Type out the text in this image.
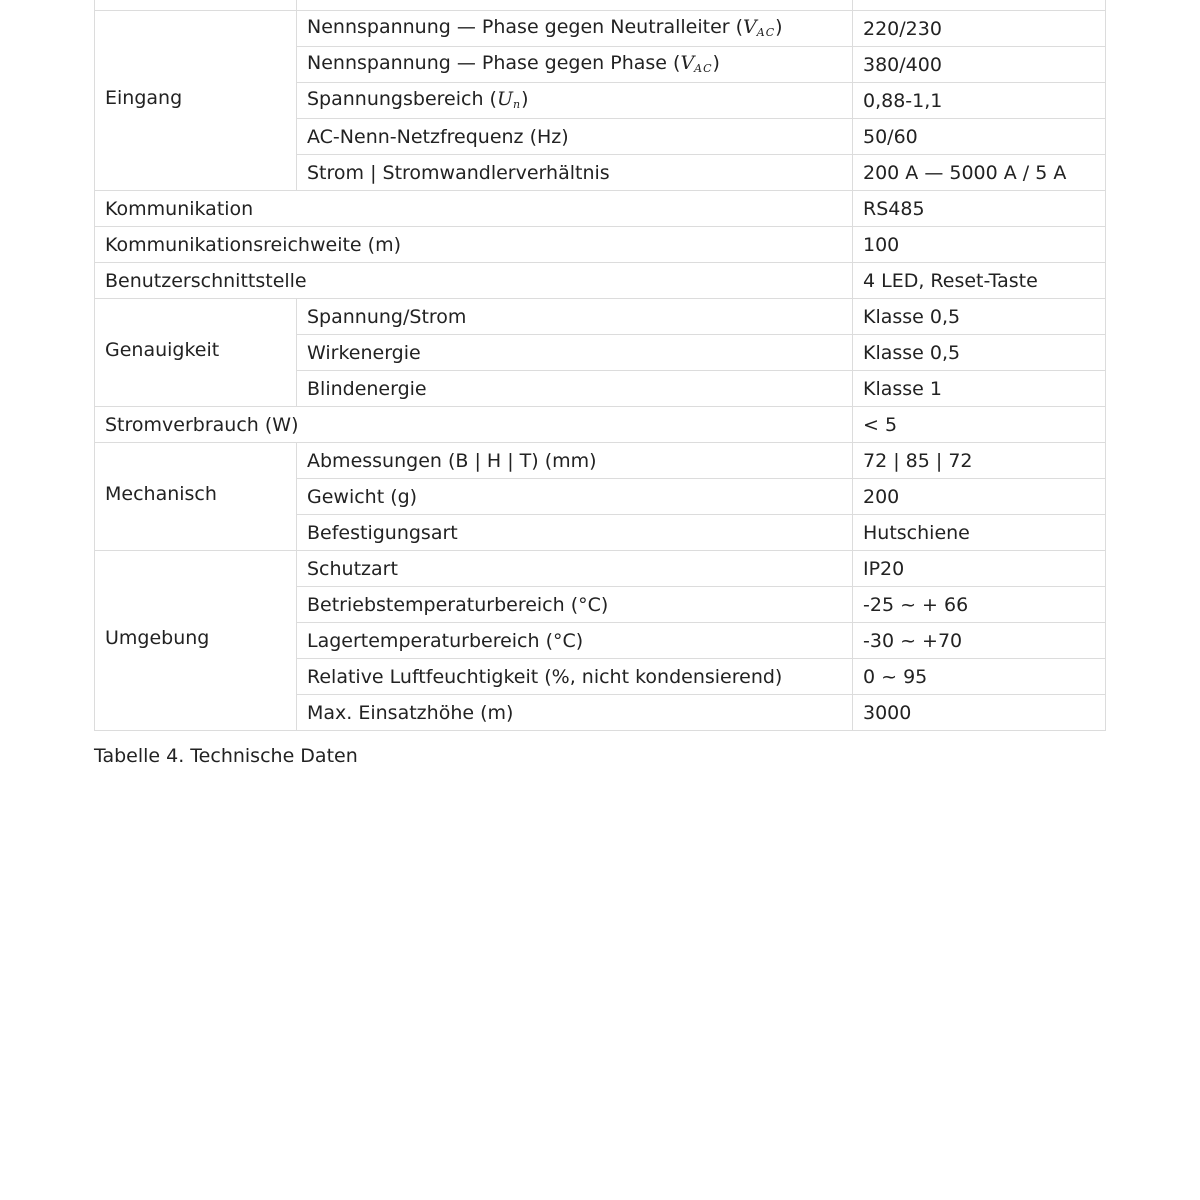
Eingang	Nennspannung — Phase gegen Neutralleiter (VAC)	220/230
	Nennspannung — Phase gegen Phase (VAC)	380/400
	Spannungsbereich (Un)	0,88-1,1
	AC-Nenn-Netzfrequenz (Hz)	50/60
	Strom | Stromwandlerverhältnis	200 A — 5000 A / 5 A
Kommunikation		RS485
Kommunikationsreichweite (m)		100
Benutzerschnittstelle		4 LED, Reset-Taste
Genauigkeit	Spannung/Strom	Klasse 0,5
	Wirkenergie	Klasse 0,5
	Blindenergie	Klasse 1
Stromverbrauch (W)		< 5
Mechanisch	Abmessungen (B | H | T) (mm)	72 | 85 | 72
	Gewicht (g)	200
	Befestigungsart	Hutschiene
Umgebung	Schutzart	IP20
	Betriebstemperaturbereich (°C)	-25 ~ + 66
	Lagertemperaturbereich (°C)	-30 ~ +70
	Relative Luftfeuchtigkeit (%, nicht kondensierend)	0 ~ 95
	Max. Einsatzhöhe (m)	3000
Tabelle 4. Technische Daten
